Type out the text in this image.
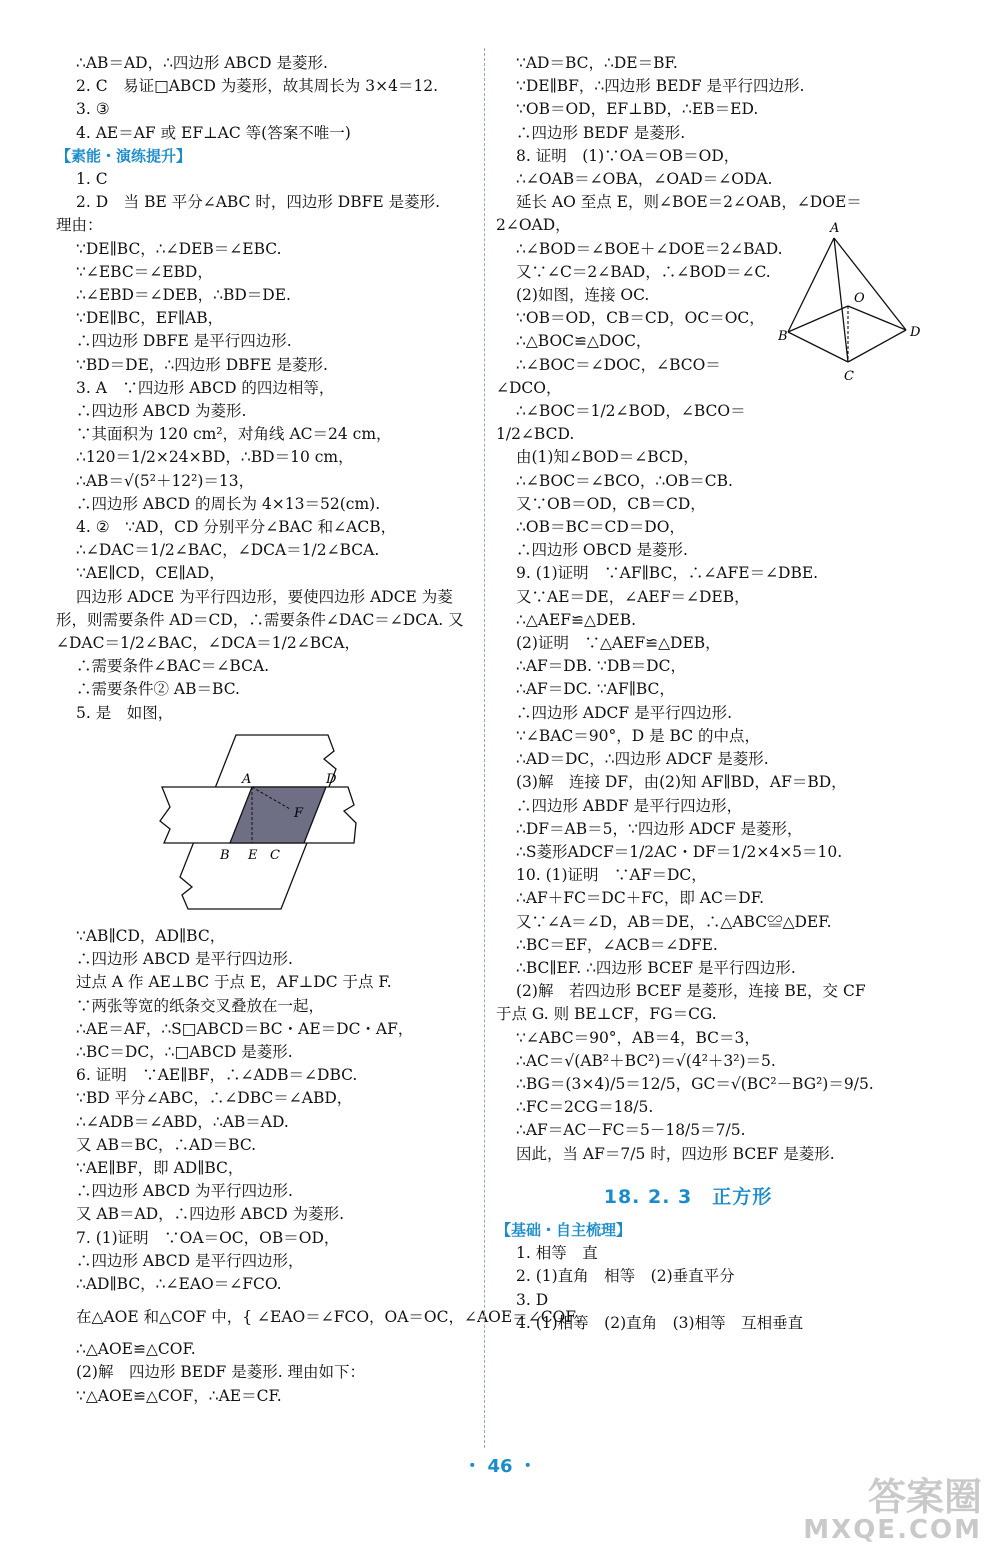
∴AB＝AD，∴四边形 ABCD 是菱形.
2. C　易证□ABCD 为菱形，故其周长为 3×4＝12.
3. ③
4. AE＝AF 或 EF⊥AC 等(答案不唯一)
【素能・演练提升】
1. C
2. D　当 BE 平分∠ABC 时，四边形 DBFE 是菱形.
理由：
∵DE∥BC，∴∠DEB＝∠EBC.
∵∠EBC＝∠EBD，
∴∠EBD＝∠DEB，∴BD＝DE.
∵DE∥BC，EF∥AB，
∴四边形 DBFE 是平行四边形.
∵BD＝DE，∴四边形 DBFE 是菱形.
3. A　∵四边形 ABCD 的四边相等，
∴四边形 ABCD 为菱形.
∵其面积为 120 cm²，对角线 AC＝24 cm，
∴120＝1/2×24×BD，∴BD＝10 cm，
∴AB＝√(5²＋12²)＝13，
∴四边形 ABCD 的周长为 4×13＝52(cm).
4. ②　∵AD，CD 分别平分∠BAC 和∠ACB，
∴∠DAC＝1/2∠BAC，∠DCA＝1/2∠BCA.
∵AE∥CD，CE∥AD，
四边形 ADCE 为平行四边形，要使四边形 ADCE 为菱形，则需要条件 AD＝CD，∴需要条件∠DAC＝∠DCA. 又∠DAC＝1/2∠BAC，∠DCA＝1/2∠BCA，
∴需要条件∠BAC＝∠BCA.
∴需要条件② AB＝BC.
5. 是　如图，
A	D
F
B E C
∵AB∥CD，AD∥BC，
∴四边形 ABCD 是平行四边形.
过点 A 作 AE⊥BC 于点 E，AF⊥DC 于点 F.
∵两张等宽的纸条交叉叠放在一起，
∴AE＝AF，∴S□ABCD＝BC・AE＝DC・AF，
∴BC＝DC，∴□ABCD 是菱形.
6. 证明　∵AE∥BF，∴∠ADB＝∠DBC.
∵BD 平分∠ABC，∴∠DBC＝∠ABD，
∴∠ADB＝∠ABD，∴AB＝AD.
又 AB＝BC，∴AD＝BC.
∵AE∥BF，即 AD∥BC，
∴四边形 ABCD 为平行四边形.
又 AB＝AD，∴四边形 ABCD 为菱形.
7. (1)证明　∵OA＝OC，OB＝OD，
∴四边形 ABCD 是平行四边形，
∴AD∥BC，∴∠EAO＝∠FCO.
在△AOE 和△COF 中，{ ∠EAO＝∠FCO，OA＝OC，∠AOE＝∠COF，
∴△AOE≌△COF.
(2)解　四边形 BEDF 是菱形. 理由如下：
∵△AOE≌△COF，∴AE＝CF.
∵AD＝BC，∴DE＝BF.
∵DE∥BF，∴四边形 BEDF 是平行四边形.
∵OB＝OD，EF⊥BD，∴EB＝ED.
∴四边形 BEDF 是菱形.
8. 证明　(1)∵OA＝OB＝OD，
∴∠OAB＝∠OBA，∠OAD＝∠ODA.
延长 AO 至点 E，则∠BOE＝2∠OAB，∠DOE＝2∠OAD，	A
O
B	D
C
∴∠BOD＝∠BOE＋∠DOE＝2∠BAD.
又∵∠C＝2∠BAD，∴∠BOD＝∠C.
(2)如图，连接 OC.
∵OB＝OD，CB＝CD，OC＝OC，
∴△BOC≌△DOC，
∴∠BOC＝∠DOC，∠BCO＝
∠DCO，
∴∠BOC＝1/2∠BOD，∠BCO＝
1/2∠BCD.
由(1)知∠BOD＝∠BCD，
∴∠BOC＝∠BCO，∴OB＝CB.
又∵OB＝OD，CB＝CD，
∴OB＝BC＝CD＝DO，
∴四边形 OBCD 是菱形.
9. (1)证明　∵AF∥BC，∴∠AFE＝∠DBE.
又∵AE＝DE，∠AEF＝∠DEB，
∴△AEF≌△DEB.
(2)证明　∵△AEF≌△DEB，
∴AF＝DB. ∵DB＝DC，
∴AF＝DC. ∵AF∥BC，
∴四边形 ADCF 是平行四边形.
∵∠BAC＝90°，D 是 BC 的中点，
∴AD＝DC，∴四边形 ADCF 是菱形.
(3)解　连接 DF，由(2)知 AF∥BD，AF＝BD，
∴四边形 ABDF 是平行四边形，
∴DF＝AB＝5，∵四边形 ADCF 是菱形，
∴S菱形ADCF＝1/2AC・DF＝1/2×4×5＝10.
10. (1)证明　∵AF＝DC，
∴AF＋FC＝DC＋FC，即 AC＝DF.
又∵∠A＝∠D，AB＝DE，∴△ABC≌△DEF.
∴BC＝EF，∠ACB＝∠DFE.
∴BC∥EF. ∴四边形 BCEF 是平行四边形.
(2)解　若四边形 BCEF 是菱形，连接 BE，交 CF 于点 G. 则 BE⊥CF，FG＝CG.
∵∠ABC＝90°，AB＝4，BC＝3，
∴AC＝√(AB²＋BC²)＝√(4²＋3²)＝5.
∴BG＝(3×4)/5＝12/5，GC＝√(BC²－BG²)＝9/5.
∴FC＝2CG＝18/5.
∴AF＝AC－FC＝5－18/5＝7/5.
因此，当 AF＝7/5 时，四边形 BCEF 是菱形.
18. 2. 3　正方形
【基础・自主梳理】
1. 相等　直
2. (1)直角　相等　(2)垂直平分
3. D
4. (1)相等　(2)直角　(3)相等　互相垂直
・ 46 ・
答案圈
MXQE.COM
